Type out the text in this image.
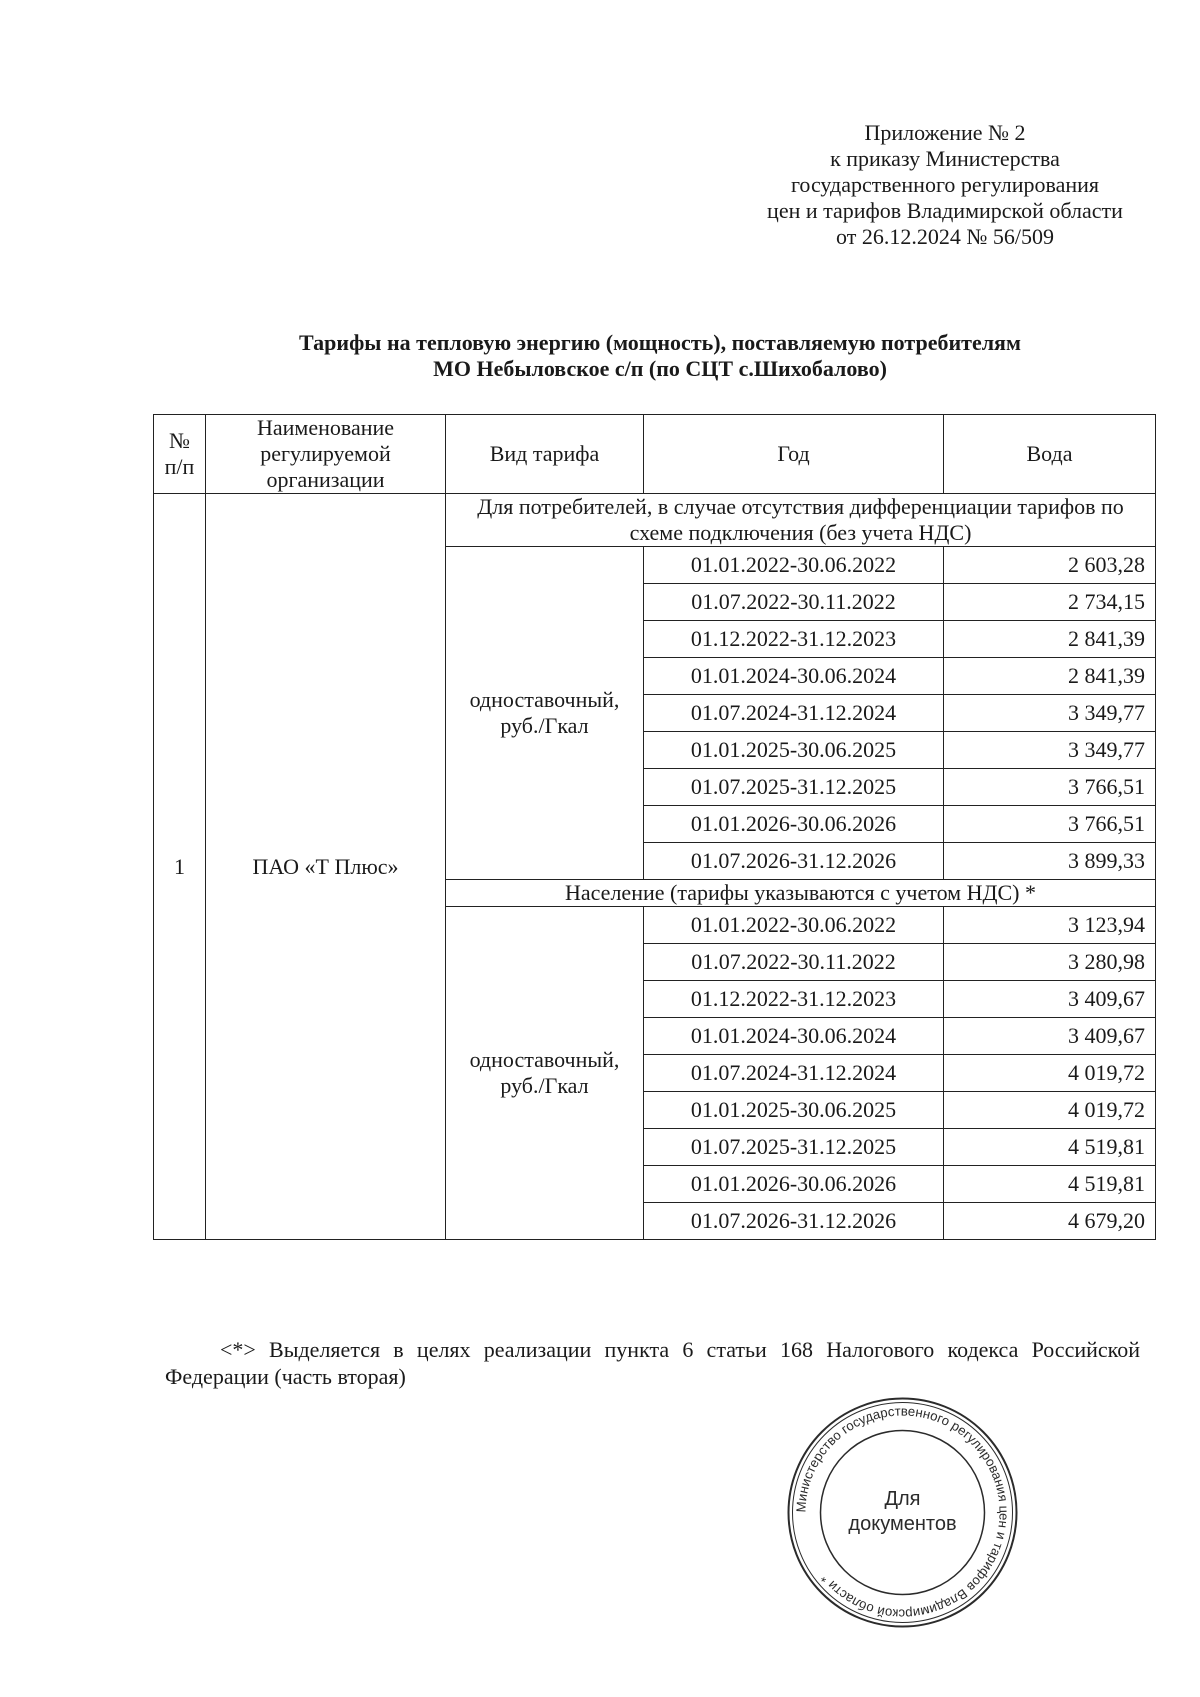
Приложение № 2
к приказу Министерства
государственного регулирования
цен и тарифов Владимирской области
от 26.12.2024 № 56/509
Тарифы на тепловую энергию (мощность), поставляемую потребителям
МО Небыловское с/п (по СЦТ с.Шихобалово)
№ п/п	Наименование регулируемой организации	Вид тарифа	Год	Вода
1	ПАО «Т Плюс»	Для потребителей, в случае отсутствия дифференциации тарифов по схеме подключения (без учета НДС)		
		одноставочный, руб./Гкал	01.01.2022-30.06.2022	2 603,28
			01.07.2022-30.11.2022	2 734,15
			01.12.2022-31.12.2023	2 841,39
			01.01.2024-30.06.2024	2 841,39
			01.07.2024-31.12.2024	3 349,77
			01.01.2025-30.06.2025	3 349,77
			01.07.2025-31.12.2025	3 766,51
			01.01.2026-30.06.2026	3 766,51
			01.07.2026-31.12.2026	3 899,33
		Население (тарифы указываются с учетом НДС) *		
		одноставочный, руб./Гкал	01.01.2022-30.06.2022	3 123,94
			01.07.2022-30.11.2022	3 280,98
			01.12.2022-31.12.2023	3 409,67
			01.01.2024-30.06.2024	3 409,67
			01.07.2024-31.12.2024	4 019,72
			01.01.2025-30.06.2025	4 019,72
			01.07.2025-31.12.2025	4 519,81
			01.01.2026-30.06.2026	4 519,81
			01.07.2026-31.12.2026	4 679,20
<*> Выделяется в целях реализации пункта 6 статьи 168 Налогового кодекса Российской Федерации (часть вторая)
Министерство государственного регулирования цен и тарифов Владимирской области *
Для
документов
